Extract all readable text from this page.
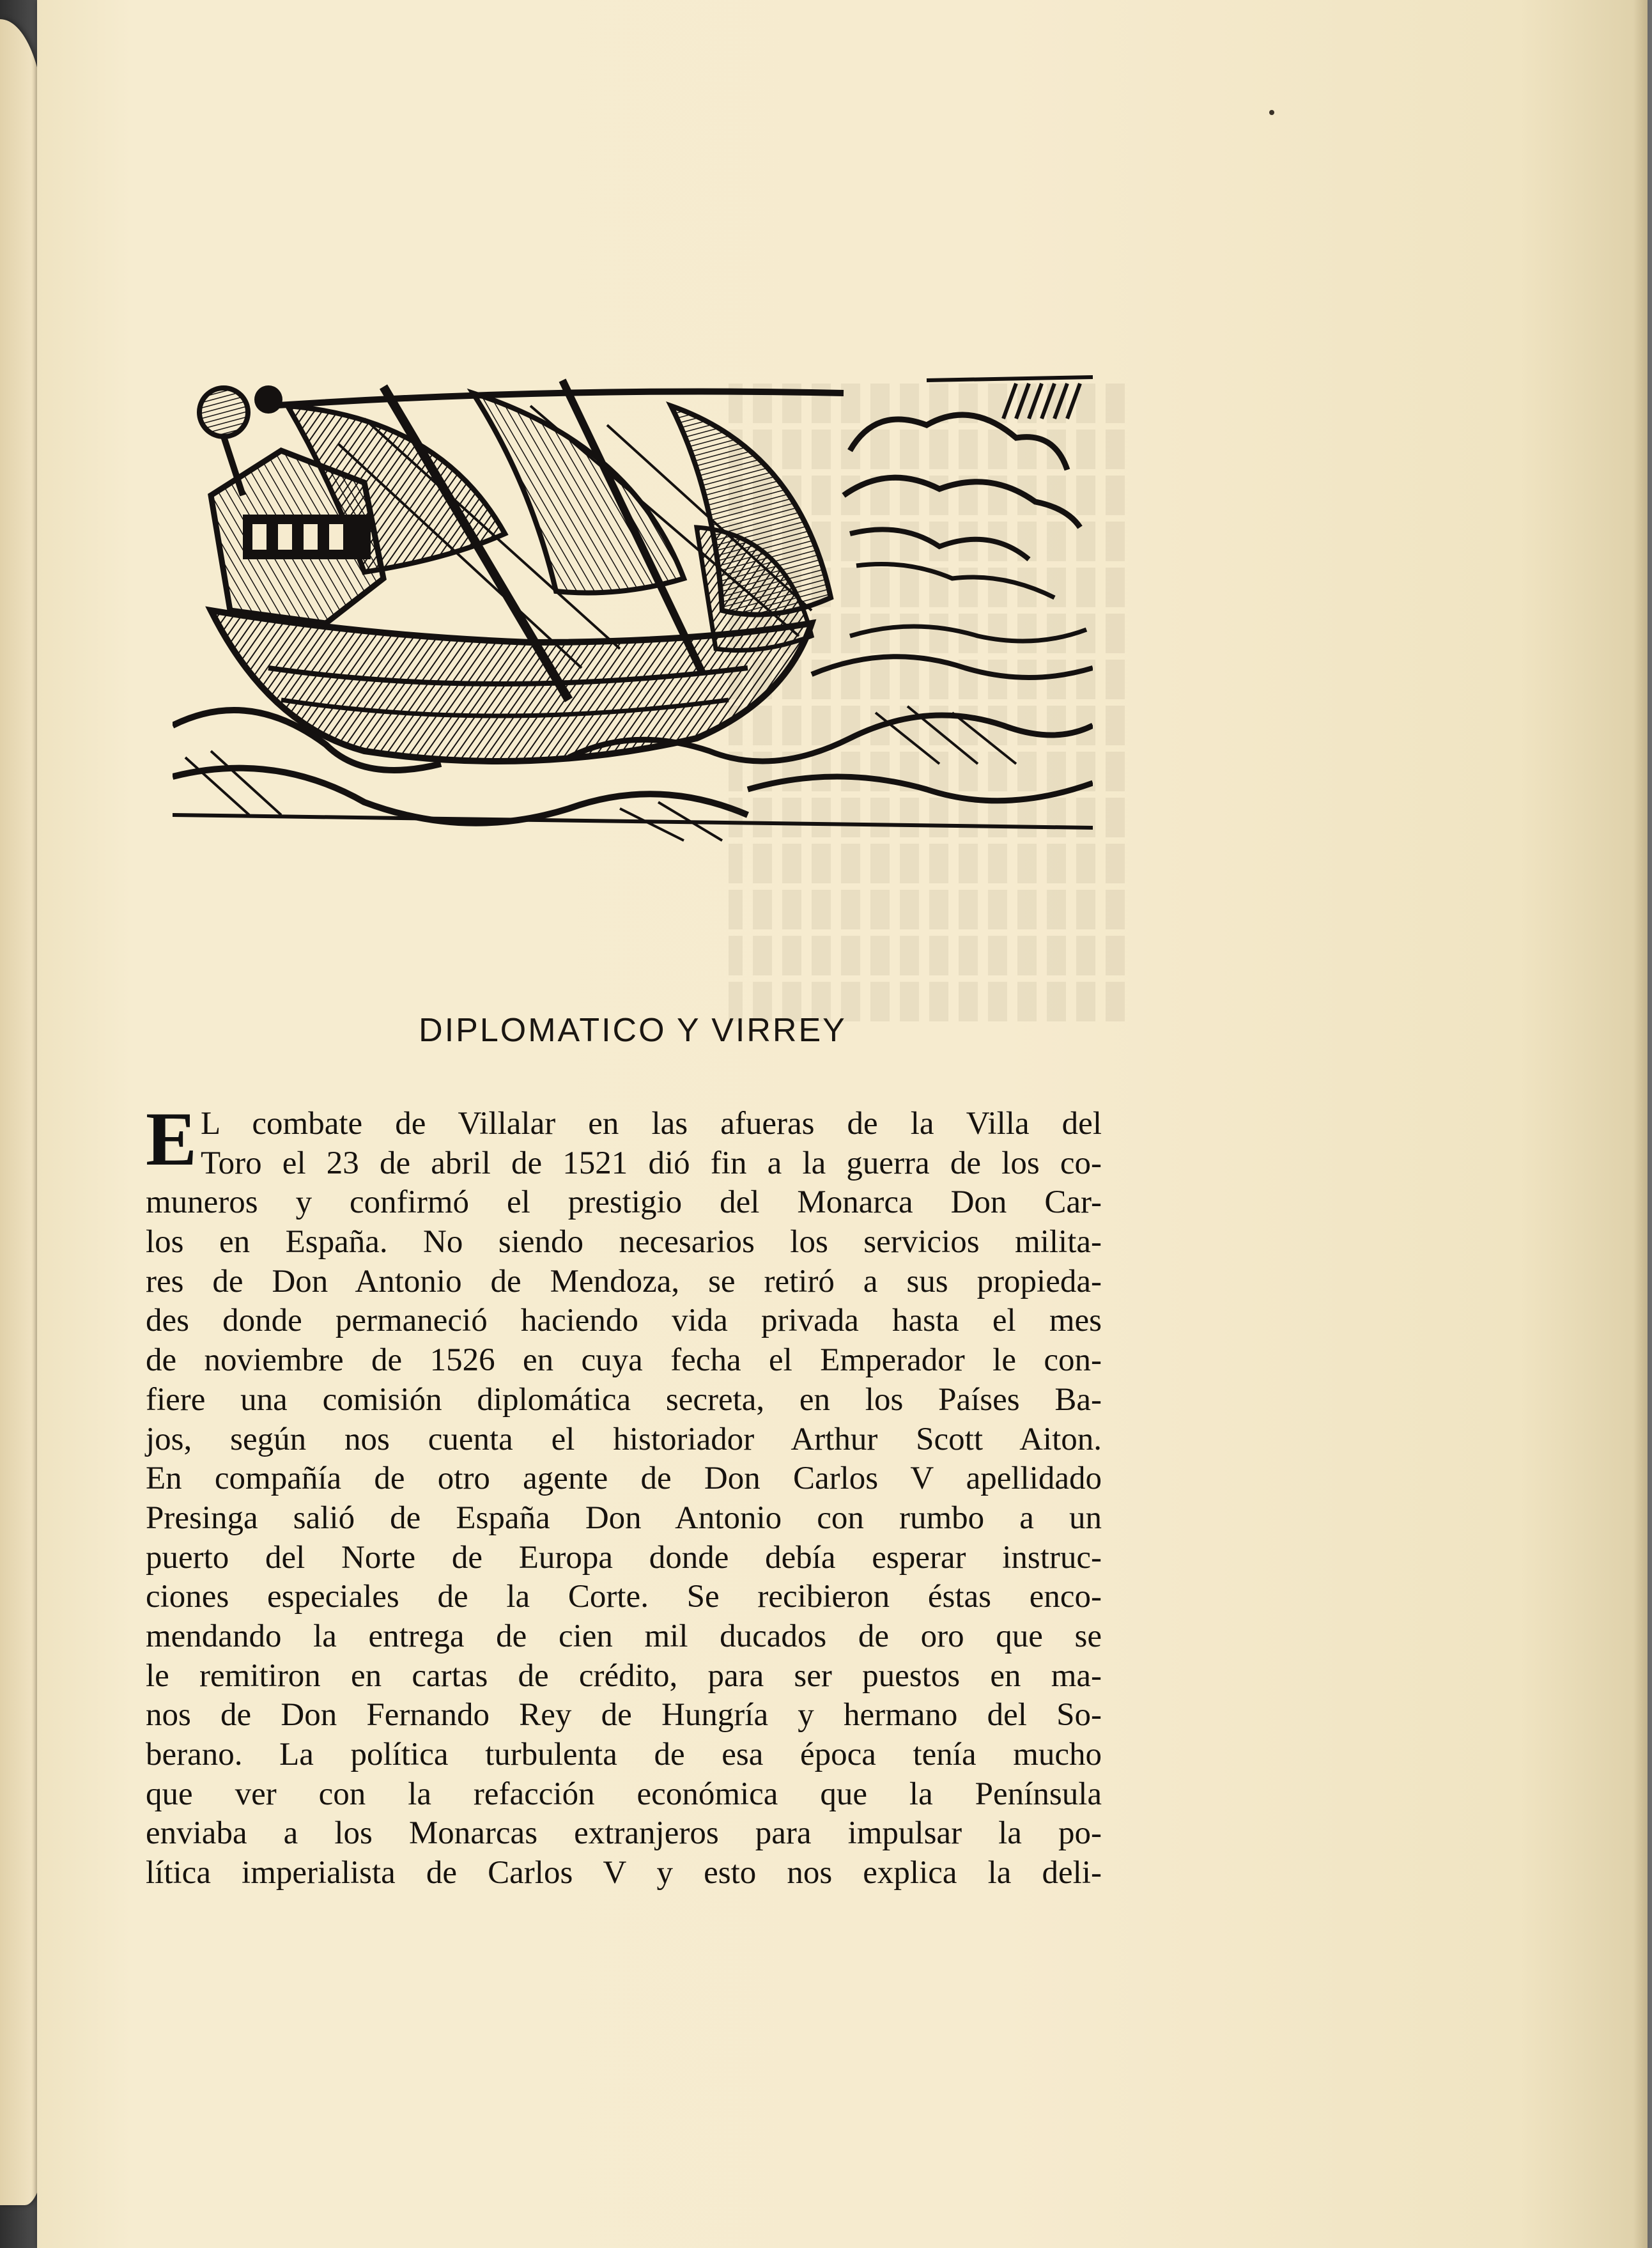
DIPLOMATICO Y VIRREY
E L combate de Villalar en las afueras de la Villa del
Toro el 23 de abril de 1521 dió fin a la guerra de los co-
muneros y confirmó el prestigio del Monarca Don Car-
los en España. No siendo necesarios los servicios milita-
res de Don Antonio de Mendoza, se retiró a sus propieda-
des donde permaneció haciendo vida privada hasta el mes
de noviembre de 1526 en cuya fecha el Emperador le con-
fiere una comisión diplomática secreta, en los Países Ba-
jos, según nos cuenta el historiador Arthur Scott Aiton.
En compañía de otro agente de Don Carlos V apellidado
Presinga salió de España Don Antonio con rumbo a un
puerto del Norte de Europa donde debía esperar instruc-
ciones especiales de la Corte. Se recibieron éstas enco-
mendando la entrega de cien mil ducados de oro que se
le remitiron en cartas de crédito, para ser puestos en ma-
nos de Don Fernando Rey de Hungría y hermano del So-
berano. La política turbulenta de esa época tenía mucho
que ver con la refacción económica que la Península
enviaba a los Monarcas extranjeros para impulsar la po-
lítica imperialista de Carlos V y esto nos explica la deli-
